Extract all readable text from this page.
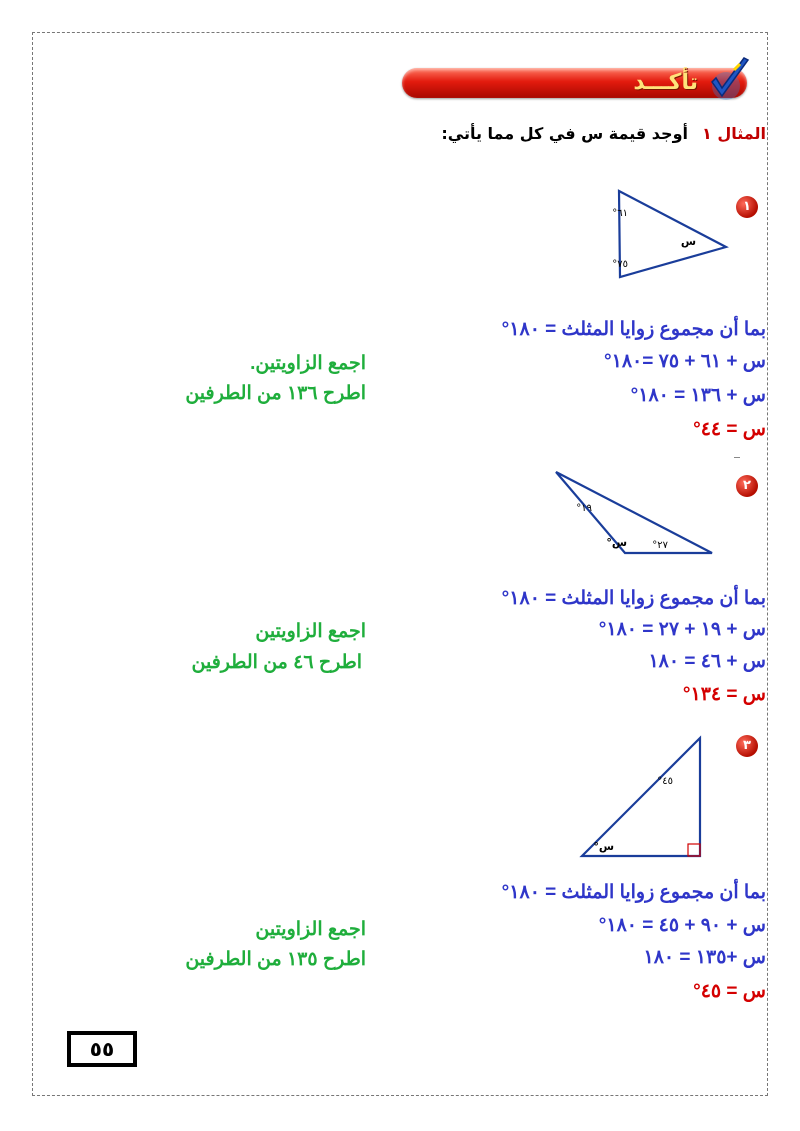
تأكـــد
المثال ١
أوجد قيمة س في كل مما يأتي:
١
٦١°
٧٥°
س
بما أن مجموع زوايا المثلث = ١٨٠°
س + ٦١ + ٧٥ =١٨٠°
س + ١٣٦ = ١٨٠°
س = ٤٤°
اجمع الزاويتين.
اطرح ١٣٦ من الطرفين
٢
١٩°
٢٧°
س°
بما أن مجموع زوايا المثلث = ١٨٠°
س + ١٩ + ٢٧ = ١٨٠°
س + ٤٦ = ١٨٠
س = ١٣٤°
اجمع الزاويتين
اطرح ٤٦ من الطرفين
٣
٤٥°
س°
بما أن مجموع زوايا المثلث = ١٨٠°
س + ٩٠ + ٤٥ = ١٨٠°
س +١٣٥ = ١٨٠
س = ٤٥°
اجمع الزاويتين
اطرح ١٣٥ من الطرفين
٥٥
